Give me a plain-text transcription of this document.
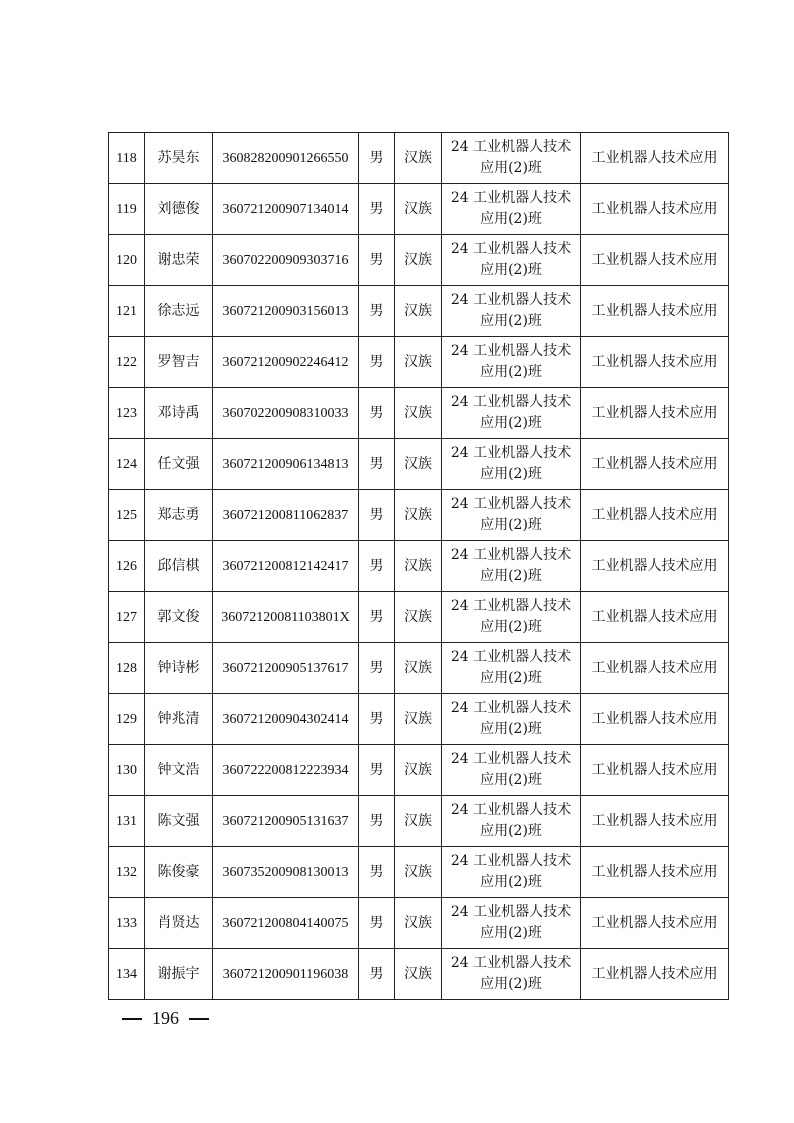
118	苏昊东	360828200901266550	男	汉族	24 工业机器人技术
应用(2)班	工业机器人技术应用
119	刘德俊	360721200907134014	男	汉族	24 工业机器人技术
应用(2)班	工业机器人技术应用
120	谢忠荣	360702200909303716	男	汉族	24 工业机器人技术
应用(2)班	工业机器人技术应用
121	徐志远	360721200903156013	男	汉族	24 工业机器人技术
应用(2)班	工业机器人技术应用
122	罗智吉	360721200902246412	男	汉族	24 工业机器人技术
应用(2)班	工业机器人技术应用
123	邓诗禹	360702200908310033	男	汉族	24 工业机器人技术
应用(2)班	工业机器人技术应用
124	任文强	360721200906134813	男	汉族	24 工业机器人技术
应用(2)班	工业机器人技术应用
125	郑志勇	360721200811062837	男	汉族	24 工业机器人技术
应用(2)班	工业机器人技术应用
126	邱信棋	360721200812142417	男	汉族	24 工业机器人技术
应用(2)班	工业机器人技术应用
127	郭文俊	36072120081103801X	男	汉族	24 工业机器人技术
应用(2)班	工业机器人技术应用
128	钟诗彬	360721200905137617	男	汉族	24 工业机器人技术
应用(2)班	工业机器人技术应用
129	钟兆清	360721200904302414	男	汉族	24 工业机器人技术
应用(2)班	工业机器人技术应用
130	钟文浩	360722200812223934	男	汉族	24 工业机器人技术
应用(2)班	工业机器人技术应用
131	陈文强	360721200905131637	男	汉族	24 工业机器人技术
应用(2)班	工业机器人技术应用
132	陈俊豪	360735200908130013	男	汉族	24 工业机器人技术
应用(2)班	工业机器人技术应用
133	肖贤达	360721200804140075	男	汉族	24 工业机器人技术
应用(2)班	工业机器人技术应用
134	谢振宇	360721200901196038	男	汉族	24 工业机器人技术
应用(2)班	工业机器人技术应用
196
